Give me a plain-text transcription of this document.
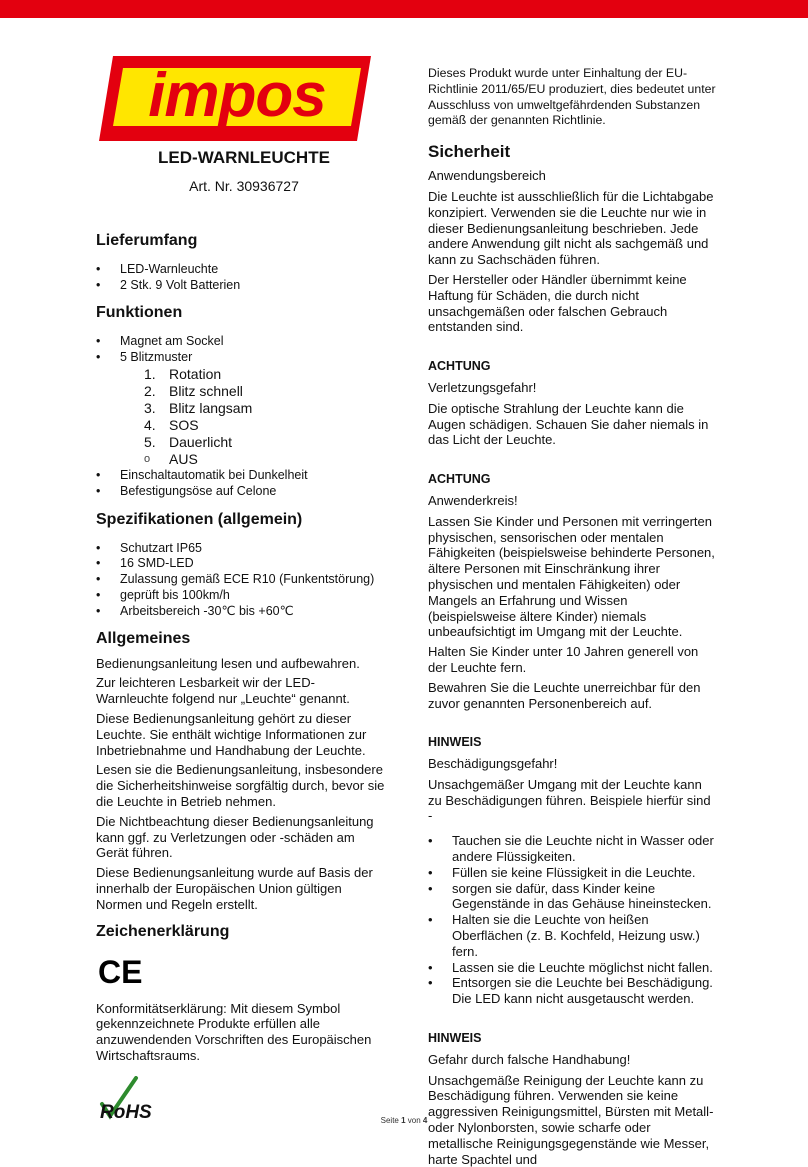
impos
LED-WARNLEUCHTE

Art. Nr. 30936727

Lieferumfang
• LED-Warnleuchte
• 2 Stk. 9 Volt Batterien
Funktionen
• Magnet am Sockel
• 5 Blitzmuster
1. Rotation
2. Blitz schnell
3. Blitz langsam
4. SOS
5. Dauerlicht
o AUS
• Einschaltautomatik bei Dunkelheit
• Befestigungsöse auf Celone
Spezifikationen (allgemein)
• Schutzart IP65
• 16 SMD-LED
• Zulassung gemäß ECE R10 (Funkentstörung)
• geprüft bis 100km/h
• Arbeitsbereich -30℃ bis +60℃
Allgemeines

Bedienungsanleitung lesen und aufbewahren.

Zur leichteren Lesbarkeit wir der LED-Warnleuchte folgend nur „Leuchte“ genannt.

Diese Bedienungsanleitung gehört zu dieser Leuchte. Sie enthält wichtige Informationen zur Inbetriebnahme und Handhabung der Leuchte.

Lesen sie die Bedienungsanleitung, insbesondere die Sicherheitshinweise sorgfältig durch, bevor sie die Leuchte in Betrieb nehmen.

Die Nichtbeachtung dieser Bedienungsanleitung kann ggf. zu Verletzungen oder -schäden am Gerät führen.

Diese Bedienungsanleitung wurde auf Basis der innerhalb der Europäischen Union gültigen Normen und Regeln erstellt.

Zeichenerklärung
CE

Konformitätserklärung: Mit diesem Symbol gekennzeichnete Produkte erfüllen alle anzuwendenden Vorschriften des Europäischen Wirtschaftsraums.

RoHS

Dieses Produkt wurde unter Einhaltung der EU-Richtlinie 2011/65/EU produziert, dies bedeutet unter Ausschluss von umweltgefährdenden Substanzen gemäß der genannten Richtlinie.

Sicherheit

Anwendungsbereich

Die Leuchte ist ausschließlich für die Lichtabgabe konzipiert. Verwenden sie die Leuchte nur wie in dieser Bedienungsanleitung beschrieben. Jede andere Anwendung gilt nicht als sachgemäß und kann zu Sachschäden führen.

Der Hersteller oder Händler übernimmt keine Haftung für Schäden, die durch nicht unsachgemäßen oder falschen Gebrauch entstanden sind.

ACHTUNG

Verletzungsgefahr!

Die optische Strahlung der Leuchte kann die Augen schädigen. Schauen Sie daher niemals in das Licht der Leuchte.

ACHTUNG

Anwenderkreis!

Lassen Sie Kinder und Personen mit verringerten physischen, sensorischen oder mentalen Fähigkeiten (beispielsweise behinderte Personen, ältere Personen mit Einschränkung ihrer physischen und mentalen Fähigkeiten) oder Mangels an Erfahrung und Wissen (beispielsweise ältere Kinder) niemals unbeaufsichtigt im Umgang mit der Leuchte.

Halten Sie Kinder unter 10 Jahren generell von der Leuchte fern.

Bewahren Sie die Leuchte unerreichbar für den zuvor genannten Personenbereich auf.

HINWEIS

Beschädigungsgefahr!

Unsachgemäßer Umgang mit der Leuchte kann zu Beschädigungen führen. Beispiele hierfür sind -

• Tauchen sie die Leuchte nicht in Wasser oder andere Flüssigkeiten.
• Füllen sie keine Flüssigkeit in die Leuchte.
• sorgen sie dafür, dass Kinder keine Gegenstände in das Gehäuse hineinstecken.
• Halten sie die Leuchte von heißen Oberflächen (z. B. Kochfeld, Heizung usw.) fern.
• Lassen sie die Leuchte möglichst nicht fallen.
• Entsorgen sie die Leuchte bei Beschädigung. Die LED kann nicht ausgetauscht werden.

HINWEIS

Gefahr durch falsche Handhabung!

Unsachgemäße Reinigung der Leuchte kann zu Beschädigung führen. Verwenden sie keine aggressiven Reinigungsmittel, Bürsten mit Metall- oder Nylonborsten, sowie scharfe oder metallische Reinigungsgegenstände wie Messer, harte Spachtel und

Seite 1 von 4
